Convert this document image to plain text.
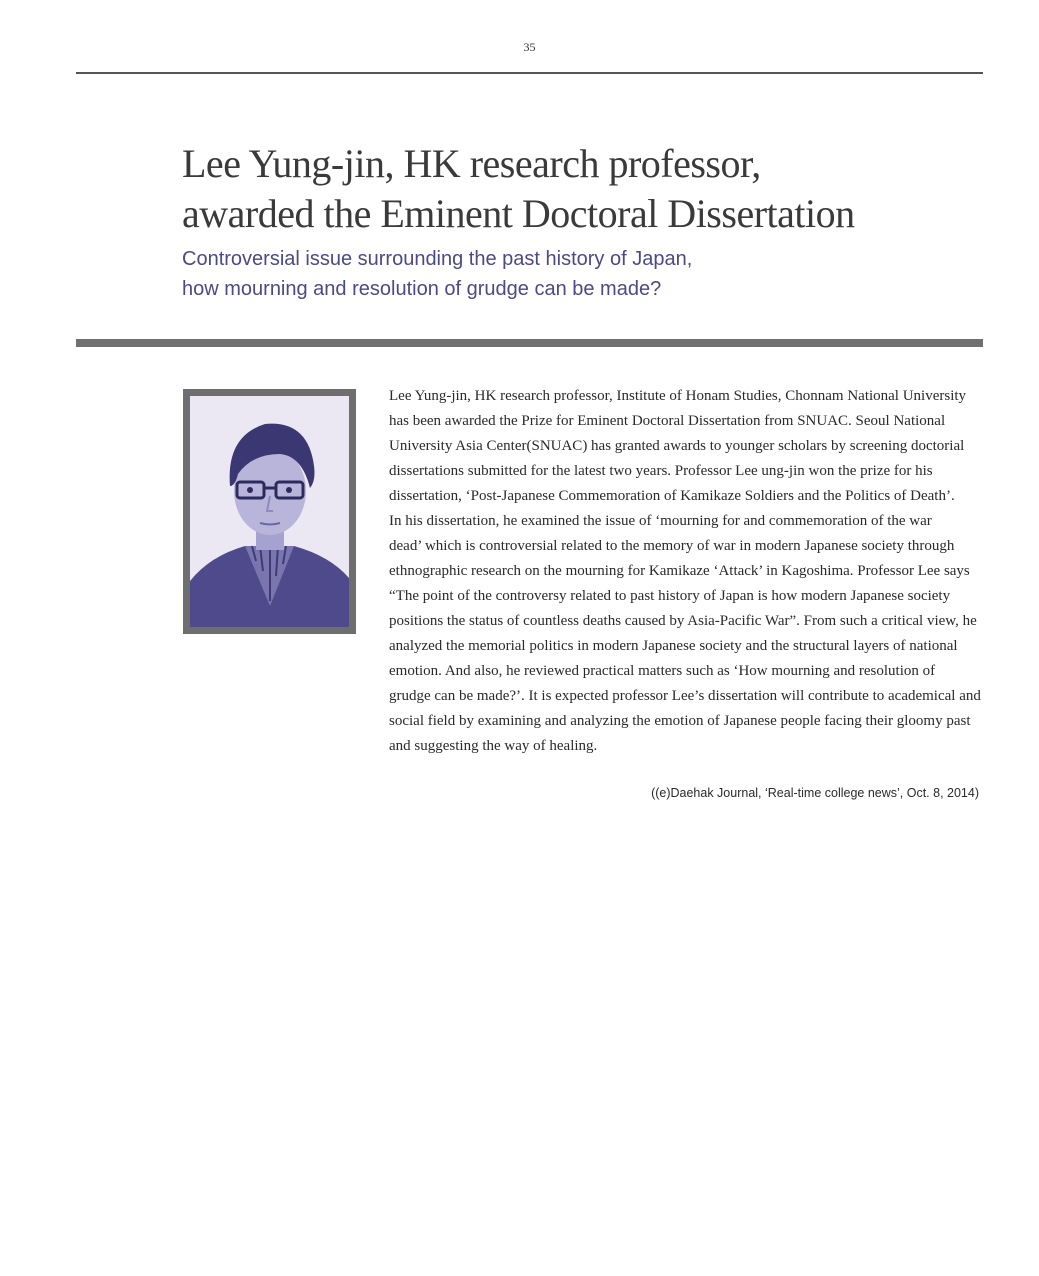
35
Lee Yung-jin, HK research professor,
awarded the Eminent Doctoral Dissertation
Controversial issue surrounding the past history of Japan,
how mourning and resolution of grudge can be made?
Lee Yung-jin, HK research professor, Institute of Honam Studies, Chonnam National University
has been awarded the Prize for Eminent Doctoral Dissertation from SNUAC. Seoul National
University Asia Center(SNUAC) has granted awards to younger scholars by screening doctorial
dissertations submitted for the latest two years. Professor Lee ung-jin won the prize for his
dissertation, ‘Post-Japanese Commemoration of Kamikaze Soldiers and the Politics of Death’.
In his dissertation, he examined the issue of ‘mourning for and commemoration of the war
dead’ which is controversial related to the memory of war in modern Japanese society through
ethnographic research on the mourning for Kamikaze ‘Attack’ in Kagoshima. Professor Lee says
“The point of the controversy related to past history of Japan is how modern Japanese society
positions the status of countless deaths caused by Asia-Pacific War”. From such a critical view, he
analyzed the memorial politics in modern Japanese society and the structural layers of national
emotion. And also, he reviewed practical matters such as ‘How mourning and resolution of
grudge can be made?’. It is expected professor Lee’s dissertation will contribute to academical and
social field by examining and analyzing the emotion of Japanese people facing their gloomy past
and suggesting the way of healing.
((e)Daehak Journal, ‘Real-time college news’, Oct. 8, 2014)
